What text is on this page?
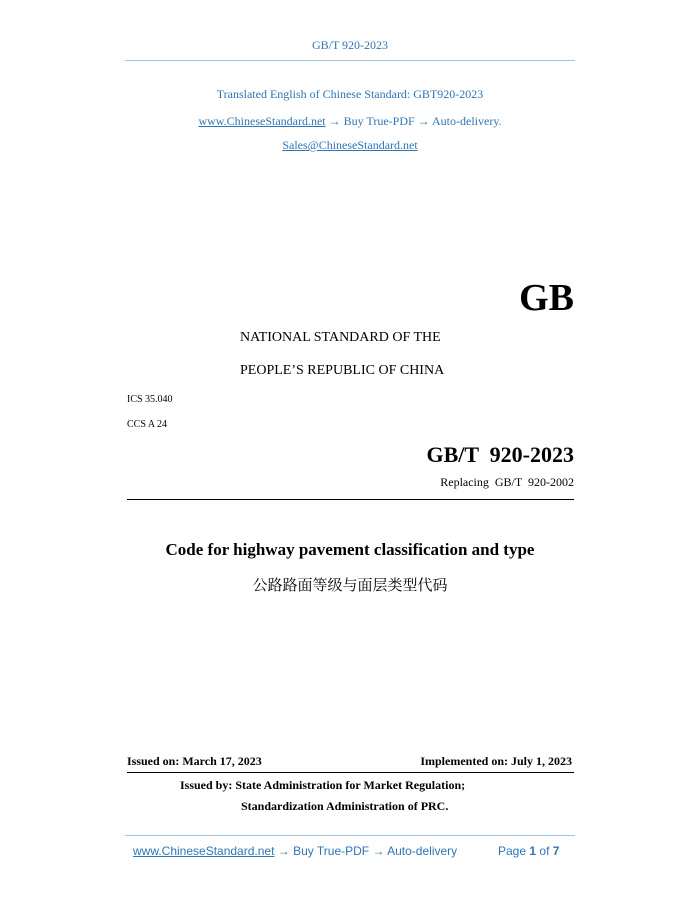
GB/T 920-2023
Translated English of Chinese Standard: GBT920-2023
www.ChineseStandard.net → Buy True-PDF → Auto-delivery.
Sales@ChineseStandard.net
GB
NATIONAL STANDARD OF THE
PEOPLE’S REPUBLIC OF CHINA
ICS 35.040
CCS A 24
GB/T  920-2023
Replacing  GB/T  920-2002
Code for highway pavement classification and type
公路路面等级与面层类型代码
Issued on: March 17, 2023	Implemented on: July 1, 2023
Issued by: State Administration for Market Regulation;
Standardization Administration of PRC.
www.ChineseStandard.net → Buy True-PDF → Auto-delivery	Page 1 of 7
